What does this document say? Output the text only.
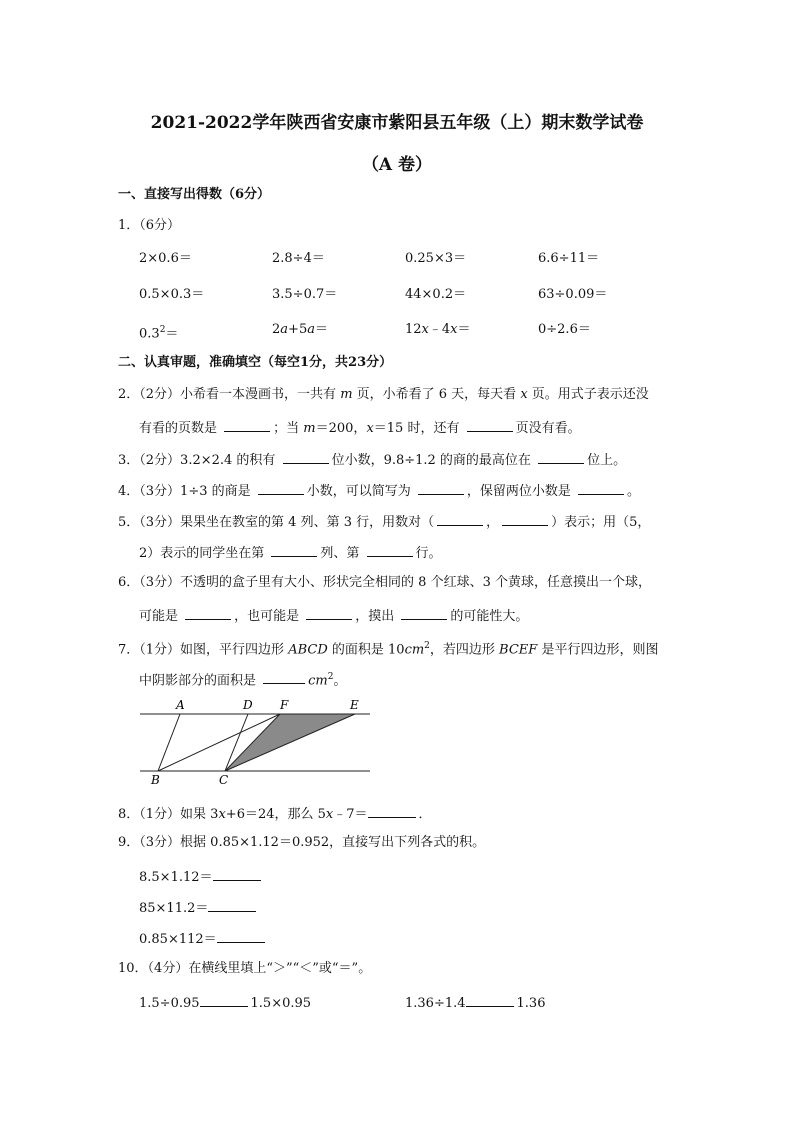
2021-2022学年陕西省安康市紫阳县五年级（上）期末数学试卷
（A 卷）
一、直接写出得数（6分）
1．（6分）
2×0.6＝	2.8÷4＝	0.25×3＝	6.6÷11＝
0.5×0.3＝	3.5÷0.7＝	44×0.2＝	63÷0.09＝
$0.3^2=$	2a+5a＝	12x﹣4x＝	0÷2.6＝
二、认真审题，准确填空（每空1分，共23分）
2．（2分）小希看一本漫画书，一共有 m 页，小希看了 6 天，每天看 x 页。用式子表示还没
有看的页数是	；当 m＝200，x＝15 时，还有	页没有看。
3．（2分）3.2×2.4 的积有	位小数，9.8÷1.2 的商的最高位在	位上。
4．（3分）1÷3 的商是	小数，可以简写为	，保留两位小数是	。
5．（3分）果果坐在教室的第 4 列、第 3 行，用数对（	，	）表示；用（5，
2）表示的同学坐在第	列、第	行。
6．（3分）不透明的盒子里有大小、形状完全相同的 8 个红球、3 个黄球，任意摸出一个球，
可能是	，也可能是	，摸出	的可能性大。
7．（1分）如图，平行四边形 ABCD 的面积是 $10cm^2$，若四边形 BCEF 是平行四边形，则图
中阴影部分的面积是	$cm^2$。
A	D F	E
B	C
8．（1分）如果 3x+6＝24，那么 5x﹣7＝	．
9．（3分）根据 0.85×1.12＝0.952，直接写出下列各式的积。
8.5×1.12＝
85×11.2＝
0.85×112＝
10．（4分）在横线里填上“＞”“＜”或“＝”。
1.5÷0.95	1.5×0.95	1.36÷1.4	1.36
